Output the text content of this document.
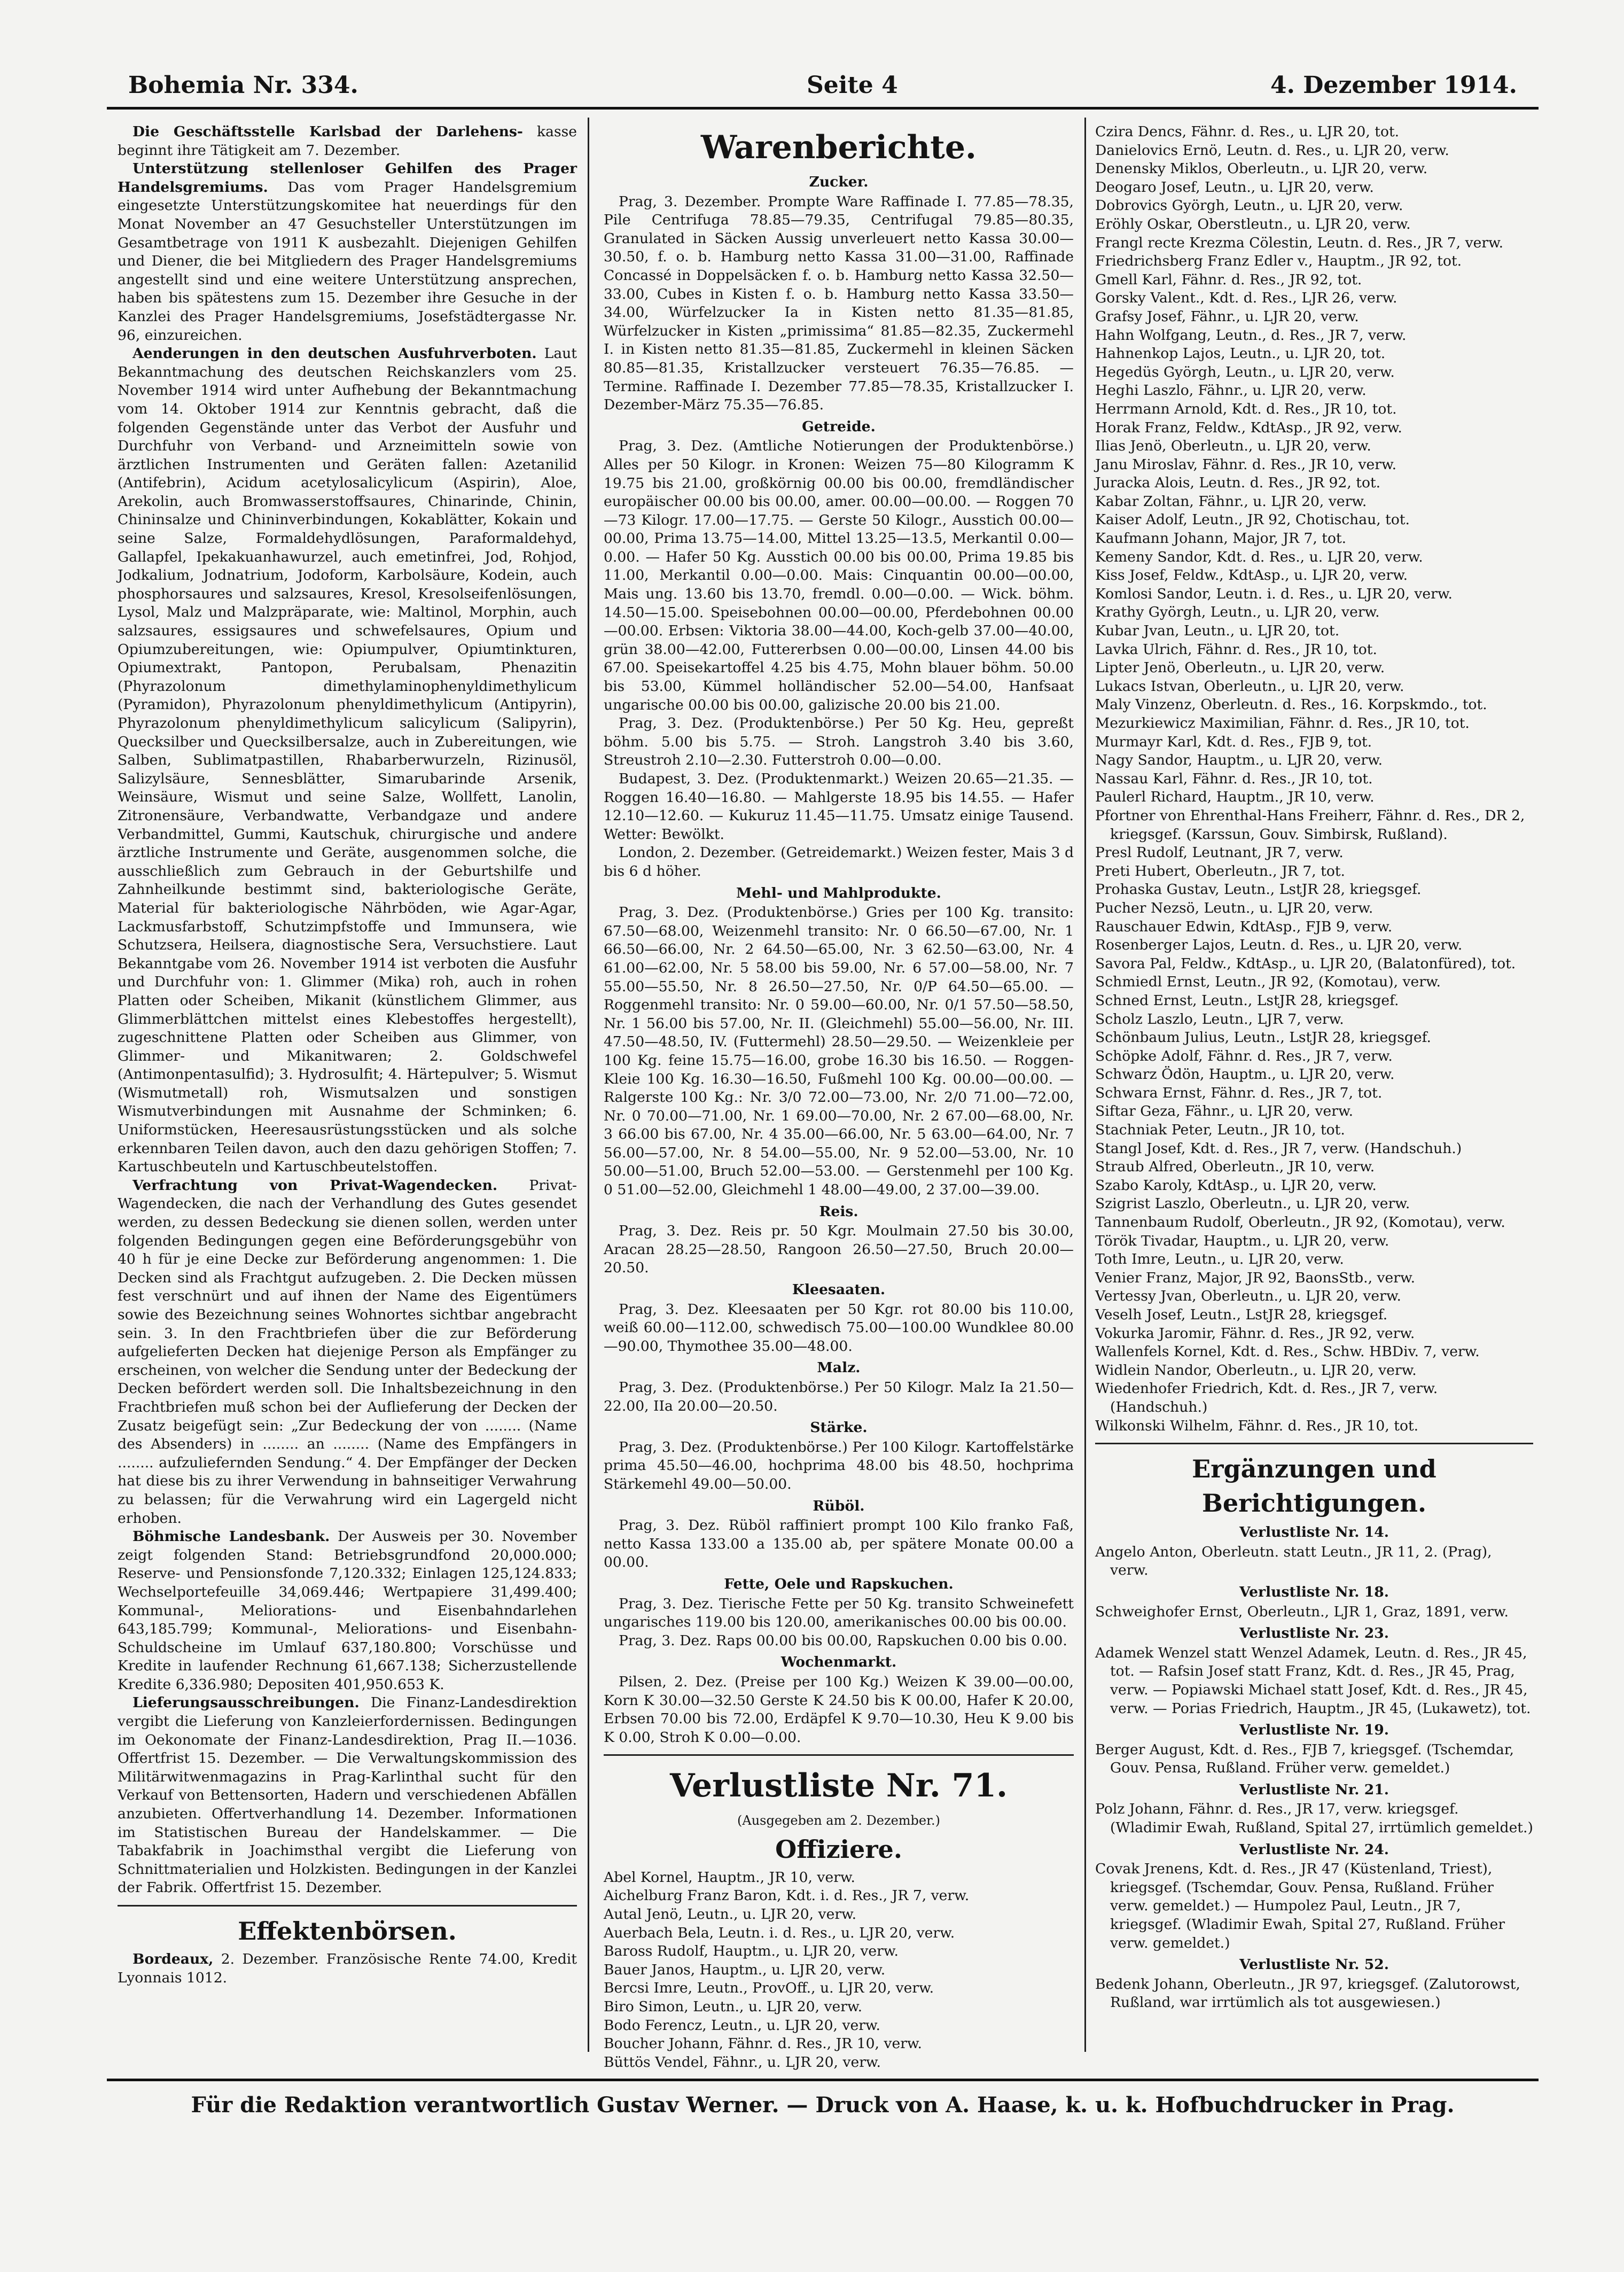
Bohemia Nr. 334.	Seite 4	4. Dezember 1914.

Die Geschäftsstelle Karlsbad der Darlehens- kasse beginnt ihre Tätigkeit am 7. Dezember.

Unterstützung stellenloser Gehilfen des Prager Handelsgremiums. Das vom Prager Handelsgremium eingesetzte Unterstützungskomitee hat neuerdings für den Monat November an 47 Gesuchsteller Unterstützungen im Gesamtbetrage von 1911 K ausbezahlt. Diejenigen Gehilfen und Diener, die bei Mitgliedern des Prager Handelsgremiums angestellt sind und eine weitere Unterstützung ansprechen, haben bis spätestens zum 15. Dezember ihre Gesuche in der Kanzlei des Prager Handelsgremiums, Josefstädtergasse Nr. 96, einzureichen.

Aenderungen in den deutschen Ausfuhrverboten. Laut Bekanntmachung des deutschen Reichskanzlers vom 25. November 1914 wird unter Aufhebung der Bekanntmachung vom 14. Oktober 1914 zur Kenntnis gebracht, daß die folgenden Gegenstände unter das Verbot der Ausfuhr und Durchfuhr von Verband- und Arzneimitteln sowie von ärztlichen Instrumenten und Geräten fallen: Azetanilid (Antifebrin), Acidum acetylosalicylicum (Aspirin), Aloe, Arekolin, auch Bromwasserstoffsaures, Chinarinde, Chinin, Chininsalze und Chininverbindungen, Kokablätter, Kokain und seine Salze, Formaldehydlösungen, Paraformaldehyd, Gallapfel, Ipekakuanhawurzel, auch emetinfrei, Jod, Rohjod, Jodkalium, Jodnatrium, Jodoform, Karbolsäure, Kodein, auch phosphorsaures und salzsaures, Kresol, Kresolseifenlösungen, Lysol, Malz und Malzpräparate, wie: Maltinol, Morphin, auch salzsaures, essigsaures und schwefelsaures, Opium und Opiumzubereitungen, wie: Opiumpulver, Opiumtinkturen, Opiumextrakt, Pantopon, Perubalsam, Phenazitin (Phyrazolonum dimethylaminophenyldimethylicum (Pyramidon), Phyrazolonum phenyldimethylicum (Antipyrin), Phyrazolonum phenyldimethylicum salicylicum (Salipyrin), Quecksilber und Quecksilbersalze, auch in Zubereitungen, wie Salben, Sublimatpastillen, Rhabarberwurzeln, Rizinusöl, Salizylsäure, Sennesblätter, Simarubarinde Arsenik, Weinsäure, Wismut und seine Salze, Wollfett, Lanolin, Zitronensäure, Verbandwatte, Verbandgaze und andere Verbandmittel, Gummi, Kautschuk, chirurgische und andere ärztliche Instrumente und Geräte, ausgenommen solche, die ausschließlich zum Gebrauch in der Geburtshilfe und Zahnheilkunde bestimmt sind, bakteriologische Geräte, Material für bakteriologische Nährböden, wie Agar-Agar, Lackmusfarbstoff, Schutzimpfstoffe und Immunsera, wie Schutzsera, Heilsera, diagnostische Sera, Versuchstiere. Laut Bekanntgabe vom 26. November 1914 ist verboten die Ausfuhr und Durchfuhr von: 1. Glimmer (Mika) roh, auch in rohen Platten oder Scheiben, Mikanit (künstlichem Glimmer, aus Glimmerblättchen mittelst eines Klebestoffes hergestellt), zugeschnittene Platten oder Scheiben aus Glimmer, von Glimmer- und Mikanitwaren; 2. Goldschwefel (Antimonpentasulfid); 3. Hydrosulfit; 4. Härtepulver; 5. Wismut (Wismutmetall) roh, Wismutsalzen und sonstigen Wismutverbindungen mit Ausnahme der Schminken; 6. Uniformstücken, Heeresausrüstungsstücken und als solche erkennbaren Teilen davon, auch den dazu gehörigen Stoffen; 7. Kartuschbeuteln und Kartuschbeutelstoffen.

Verfrachtung von Privat-Wagendecken. Privat-Wagendecken, die nach der Verhandlung des Gutes gesendet werden, zu dessen Bedeckung sie dienen sollen, werden unter folgenden Bedingungen gegen eine Beförderungsgebühr von 40 h für je eine Decke zur Beförderung angenommen: 1. Die Decken sind als Frachtgut aufzugeben. 2. Die Decken müssen fest verschnürt und auf ihnen der Name des Eigentümers sowie des Bezeichnung seines Wohnortes sichtbar angebracht sein. 3. In den Frachtbriefen über die zur Beförderung aufgelieferten Decken hat diejenige Person als Empfänger zu erscheinen, von welcher die Sendung unter der Bedeckung der Decken befördert werden soll. Die Inhaltsbezeichnung in den Frachtbriefen muß schon bei der Auflieferung der Decken der Zusatz beigefügt sein: „Zur Bedeckung der von ........ (Name des Absenders) in ........ an ........ (Name des Empfängers in ........ aufzuliefernden Sendung.“ 4. Der Empfänger der Decken hat diese bis zu ihrer Verwendung in bahnseitiger Verwahrung zu belassen; für die Verwahrung wird ein Lagergeld nicht erhoben.

Böhmische Landesbank. Der Ausweis per 30. November zeigt folgenden Stand: Betriebsgrundfond 20,000.000; Reserve- und Pensionsfonde 7,120.332; Einlagen 125,124.833; Wechselportefeuille 34,069.446; Wertpapiere 31,499.400; Kommunal-, Meliorations- und Eisenbahndarlehen 643,185.799; Kommunal-, Meliorations- und Eisenbahn-Schuldscheine im Umlauf 637,180.800; Vorschüsse und Kredite in laufender Rechnung 61,667.138; Sicherzustellende Kredite 6,336.980; Depositen 401,950.653 K.

Lieferungsausschreibungen. Die Finanz-Landesdirektion vergibt die Lieferung von Kanzleierfordernissen. Bedingungen im Oekonomate der Finanz-Landesdirektion, Prag II.—1036. Offertfrist 15. Dezember. — Die Verwaltungskommission des Militärwitwenmagazins in Prag-Karlinthal sucht für den Verkauf von Bettensorten, Hadern und verschiedenen Abfällen anzubieten. Offertverhandlung 14. Dezember. Informationen im Statistischen Bureau der Handelskammer. — Die Tabakfabrik in Joachimsthal vergibt die Lieferung von Schnittmaterialien und Holzkisten. Bedingungen in der Kanzlei der Fabrik. Offertfrist 15. Dezember.

Effektenbörsen.

Bordeaux, 2. Dezember. Französische Rente 74.00, Kredit Lyonnais 1012.

Warenberichte.
Zucker.

Prag, 3. Dezember. Prompte Ware Raffinade I. 77.85—78.35, Pile Centrifuga 78.85—79.35, Centrifugal 79.85—80.35, Granulated in Säcken Aussig unverleuert netto Kassa 30.00—30.50, f. o. b. Hamburg netto Kassa 31.00—31.00, Raffinade Concassé in Doppelsäcken f. o. b. Hamburg netto Kassa 32.50—33.00, Cubes in Kisten f. o. b. Hamburg netto Kassa 33.50—34.00, Würfelzucker Ia in Kisten netto 81.35—81.85, Würfelzucker in Kisten „primissima“ 81.85—82.35, Zuckermehl I. in Kisten netto 81.35—81.85, Zuckermehl in kleinen Säcken 80.85—81.35, Kristallzucker versteuert 76.35—76.85. — Termine. Raffinade I. Dezember 77.85—78.35, Kristallzucker I. Dezember-März 75.35—76.85.

Getreide.

Prag, 3. Dez. (Amtliche Notierungen der Produktenbörse.) Alles per 50 Kilogr. in Kronen: Weizen 75—80 Kilogramm K 19.75 bis 21.00, großkörnig 00.00 bis 00.00, fremdländischer europäischer 00.00 bis 00.00, amer. 00.00—00.00. — Roggen 70—73 Kilogr. 17.00—17.75. — Gerste 50 Kilogr., Ausstich 00.00—00.00, Prima 13.75—14.00, Mittel 13.25—13.5, Merkantil 0.00—0.00. — Hafer 50 Kg. Ausstich 00.00 bis 00.00, Prima 19.85 bis 11.00, Merkantil 0.00—0.00. Mais: Cinquantin 00.00—00.00, Mais ung. 13.60 bis 13.70, fremdl. 0.00—0.00. — Wick. böhm. 14.50—15.00. Speisebohnen 00.00—00.00, Pferdebohnen 00.00—00.00. Erbsen: Viktoria 38.00—44.00, Koch-gelb 37.00—40.00, grün 38.00—42.00, Futtererbsen 0.00—00.00, Linsen 44.00 bis 67.00. Speisekartoffel 4.25 bis 4.75, Mohn blauer böhm. 50.00 bis 53.00, Kümmel holländischer 52.00—54.00, Hanfsaat ungarische 00.00 bis 00.00, galizische 20.00 bis 21.00.

Prag, 3. Dez. (Produktenbörse.) Per 50 Kg. Heu, gepreßt böhm. 5.00 bis 5.75. — Stroh. Langstroh 3.40 bis 3.60, Streustroh 2.10—2.30. Futterstroh 0.00—0.00.

Budapest, 3. Dez. (Produktenmarkt.) Weizen 20.65—21.35. — Roggen 16.40—16.80. — Mahlgerste 18.95 bis 14.55. — Hafer 12.10—12.60. — Kukuruz 11.45—11.75. Umsatz einige Tausend. Wetter: Bewölkt.

London, 2. Dezember. (Getreidemarkt.) Weizen fester, Mais 3 d bis 6 d höher.

Mehl- und Mahlprodukte.

Prag, 3. Dez. (Produktenbörse.) Gries per 100 Kg. transito: 67.50—68.00, Weizenmehl transito: Nr. 0 66.50—67.00, Nr. 1 66.50—66.00, Nr. 2 64.50—65.00, Nr. 3 62.50—63.00, Nr. 4 61.00—62.00, Nr. 5 58.00 bis 59.00, Nr. 6 57.00—58.00, Nr. 7 55.00—55.50, Nr. 8 26.50—27.50, Nr. 0/P 64.50—65.00. — Roggenmehl transito: Nr. 0 59.00—60.00, Nr. 0/1 57.50—58.50, Nr. 1 56.00 bis 57.00, Nr. II. (Gleichmehl) 55.00—56.00, Nr. III. 47.50—48.50, IV. (Futtermehl) 28.50—29.50. — Weizenkleie per 100 Kg. feine 15.75—16.00, grobe 16.30 bis 16.50. — Roggen-Kleie 100 Kg. 16.30—16.50, Fußmehl 100 Kg. 00.00—00.00. — Ralgerste 100 Kg.: Nr. 3/0 72.00—73.00, Nr. 2/0 71.00—72.00, Nr. 0 70.00—71.00, Nr. 1 69.00—70.00, Nr. 2 67.00—68.00, Nr. 3 66.00 bis 67.00, Nr. 4 35.00—66.00, Nr. 5 63.00—64.00, Nr. 7 56.00—57.00, Nr. 8 54.00—55.00, Nr. 9 52.00—53.00, Nr. 10 50.00—51.00, Bruch 52.00—53.00. — Gerstenmehl per 100 Kg. 0 51.00—52.00, Gleichmehl 1 48.00—49.00, 2 37.00—39.00.

Reis.

Prag, 3. Dez. Reis pr. 50 Kgr. Moulmain 27.50 bis 30.00, Aracan 28.25—28.50, Rangoon 26.50—27.50, Bruch 20.00—20.50.

Kleesaaten.

Prag, 3. Dez. Kleesaaten per 50 Kgr. rot 80.00 bis 110.00, weiß 60.00—112.00, schwedisch 75.00—100.00 Wundklee 80.00—90.00, Thymothee 35.00—48.00.

Malz.

Prag, 3. Dez. (Produktenbörse.) Per 50 Kilogr. Malz Ia 21.50—22.00, IIa 20.00—20.50.

Stärke.

Prag, 3. Dez. (Produktenbörse.) Per 100 Kilogr. Kartoffelstärke prima 45.50—46.00, hochprima 48.00 bis 48.50, hochprima Stärkemehl 49.00—50.00.

Rüböl.

Prag, 3. Dez. Rüböl raffiniert prompt 100 Kilo franko Faß, netto Kassa 133.00 a 135.00 ab, per spätere Monate 00.00 a 00.00.

Fette, Oele und Rapskuchen.

Prag, 3. Dez. Tierische Fette per 50 Kg. transito Schweinefett ungarisches 119.00 bis 120.00, amerikanisches 00.00 bis 00.00.

Prag, 3. Dez. Raps 00.00 bis 00.00, Rapskuchen 0.00 bis 0.00.

Wochenmarkt.

Pilsen, 2. Dez. (Preise per 100 Kg.) Weizen K 39.00—00.00, Korn K 30.00—32.50 Gerste K 24.50 bis K 00.00, Hafer K 20.00, Erbsen 70.00 bis 72.00, Erdäpfel K 9.70—10.30, Heu K 9.00 bis K 0.00, Stroh K 0.00—0.00.

Verlustliste Nr. 71.
(Ausgegeben am 2. Dezember.)
Offiziere.

Abel Kornel, Hauptm., JR 10, verw.

Aichelburg Franz Baron, Kdt. i. d. Res., JR 7, verw.

Autal Jenö, Leutn., u. LJR 20, verw.

Auerbach Bela, Leutn. i. d. Res., u. LJR 20, verw.

Baross Rudolf, Hauptm., u. LJR 20, verw.

Bauer Janos, Hauptm., u. LJR 20, verw.

Bercsi Imre, Leutn., ProvOff., u. LJR 20, verw.

Biro Simon, Leutn., u. LJR 20, verw.

Bodo Ferencz, Leutn., u. LJR 20, verw.

Boucher Johann, Fähnr. d. Res., JR 10, verw.

Büttös Vendel, Fähnr., u. LJR 20, verw.

Czira Dencs, Fähnr. d. Res., u. LJR 20, tot.

Danielovics Ernö, Leutn. d. Res., u. LJR 20, verw.

Denensky Miklos, Oberleutn., u. LJR 20, verw.

Deogaro Josef, Leutn., u. LJR 20, verw.

Dobrovics Györgh, Leutn., u. LJR 20, verw.

Eröhly Oskar, Oberstleutn., u. LJR 20, verw.

Frangl recte Krezma Cölestin, Leutn. d. Res., JR 7, verw.

Friedrichsberg Franz Edler v., Hauptm., JR 92, tot.

Gmell Karl, Fähnr. d. Res., JR 92, tot.

Gorsky Valent., Kdt. d. Res., LJR 26, verw.

Grafsy Josef, Fähnr., u. LJR 20, verw.

Hahn Wolfgang, Leutn., d. Res., JR 7, verw.

Hahnenkop Lajos, Leutn., u. LJR 20, tot.

Hegedüs Györgh, Leutn., u. LJR 20, verw.

Heghi Laszlo, Fähnr., u. LJR 20, verw.

Herrmann Arnold, Kdt. d. Res., JR 10, tot.

Horak Franz, Feldw., KdtAsp., JR 92, verw.

Ilias Jenö, Oberleutn., u. LJR 20, verw.

Janu Miroslav, Fähnr. d. Res., JR 10, verw.

Juracka Alois, Leutn. d. Res., JR 92, tot.

Kabar Zoltan, Fähnr., u. LJR 20, verw.

Kaiser Adolf, Leutn., JR 92, Chotischau, tot.

Kaufmann Johann, Major, JR 7, tot.

Kemeny Sandor, Kdt. d. Res., u. LJR 20, verw.

Kiss Josef, Feldw., KdtAsp., u. LJR 20, verw.

Komlosi Sandor, Leutn. i. d. Res., u. LJR 20, verw.

Krathy Györgh, Leutn., u. LJR 20, verw.

Kubar Jvan, Leutn., u. LJR 20, tot.

Lavka Ulrich, Fähnr. d. Res., JR 10, tot.

Lipter Jenö, Oberleutn., u. LJR 20, verw.

Lukacs Istvan, Oberleutn., u. LJR 20, verw.

Maly Vinzenz, Oberleutn. d. Res., 16. Korpskmdo., tot.

Mezurkiewicz Maximilian, Fähnr. d. Res., JR 10, tot.

Murmayr Karl, Kdt. d. Res., FJB 9, tot.

Nagy Sandor, Hauptm., u. LJR 20, verw.

Nassau Karl, Fähnr. d. Res., JR 10, tot.

Paulerl Richard, Hauptm., JR 10, verw.

Pfortner von Ehrenthal-Hans Freiherr, Fähnr. d. Res., DR 2, kriegsgef. (Karssun, Gouv. Simbirsk, Rußland).

Presl Rudolf, Leutnant, JR 7, verw.

Preti Hubert, Oberleutn., JR 7, tot.

Prohaska Gustav, Leutn., LstJR 28, kriegsgef.

Pucher Nezsö, Leutn., u. LJR 20, verw.

Rauschauer Edwin, KdtAsp., FJB 9, verw.

Rosenberger Lajos, Leutn. d. Res., u. LJR 20, verw.

Savora Pal, Feldw., KdtAsp., u. LJR 20, (Balatonfüred), tot.

Schmiedl Ernst, Leutn., JR 92, (Komotau), verw.

Schned Ernst, Leutn., LstJR 28, kriegsgef.

Scholz Laszlo, Leutn., LJR 7, verw.

Schönbaum Julius, Leutn., LstJR 28, kriegsgef.

Schöpke Adolf, Fähnr. d. Res., JR 7, verw.

Schwarz Ödön, Hauptm., u. LJR 20, verw.

Schwara Ernst, Fähnr. d. Res., JR 7, tot.

Siftar Geza, Fähnr., u. LJR 20, verw.

Stachniak Peter, Leutn., JR 10, tot.

Stangl Josef, Kdt. d. Res., JR 7, verw. (Handschuh.)

Straub Alfred, Oberleutn., JR 10, verw.

Szabo Karoly, KdtAsp., u. LJR 20, verw.

Szigrist Laszlo, Oberleutn., u. LJR 20, verw.

Tannenbaum Rudolf, Oberleutn., JR 92, (Komotau), verw.

Török Tivadar, Hauptm., u. LJR 20, verw.

Toth Imre, Leutn., u. LJR 20, verw.

Venier Franz, Major, JR 92, BaonsStb., verw.

Vertessy Jvan, Oberleutn., u. LJR 20, verw.

Veselh Josef, Leutn., LstJR 28, kriegsgef.

Vokurka Jaromir, Fähnr. d. Res., JR 92, verw.

Wallenfels Kornel, Kdt. d. Res., Schw. HBDiv. 7, verw.

Widlein Nandor, Oberleutn., u. LJR 20, verw.

Wiedenhofer Friedrich, Kdt. d. Res., JR 7, verw. (Handschuh.)

Wilkonski Wilhelm, Fähnr. d. Res., JR 10, tot.

Ergänzungen und Berichtigungen.
Verlustliste Nr. 14.

Angelo Anton, Oberleutn. statt Leutn., JR 11, 2. (Prag), verw.

Verlustliste Nr. 18.

Schweighofer Ernst, Oberleutn., LJR 1, Graz, 1891, verw.

Verlustliste Nr. 23.

Adamek Wenzel statt Wenzel Adamek, Leutn. d. Res., JR 45, tot. — Rafsin Josef statt Franz, Kdt. d. Res., JR 45, Prag, verw. — Popiawski Michael statt Josef, Kdt. d. Res., JR 45, verw. — Porias Friedrich, Hauptm., JR 45, (Lukawetz), tot.

Verlustliste Nr. 19.

Berger August, Kdt. d. Res., FJB 7, kriegsgef. (Tschemdar, Gouv. Pensa, Rußland. Früher verw. gemeldet.)

Verlustliste Nr. 21.

Polz Johann, Fähnr. d. Res., JR 17, verw. kriegsgef. (Wladimir Ewah, Rußland, Spital 27, irrtümlich gemeldet.)

Verlustliste Nr. 24.

Covak Jrenens, Kdt. d. Res., JR 47 (Küstenland, Triest), kriegsgef. (Tschemdar, Gouv. Pensa, Rußland. Früher verw. gemeldet.) — Humpolez Paul, Leutn., JR 7, kriegsgef. (Wladimir Ewah, Spital 27, Rußland. Früher verw. gemeldet.)

Verlustliste Nr. 52.

Bedenk Johann, Oberleutn., JR 97, kriegsgef. (Zalutorowst, Rußland, war irrtümlich als tot ausgewiesen.)

Für die Redaktion verantwortlich Gustav Werner. — Druck von A. Haase, k. u. k. Hofbuchdrucker in Prag.
